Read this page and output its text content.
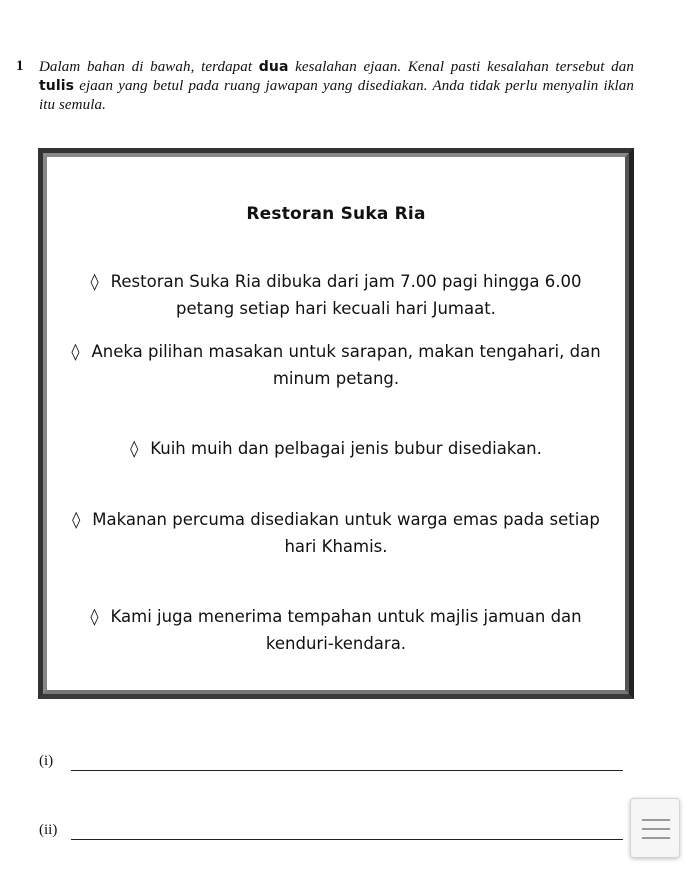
1 Dalam bahan di bawah, terdapat dua kesalahan ejaan. Kenal pasti kesalahan tersebut dan tulis ejaan yang betul pada ruang jawapan yang disediakan. Anda tidak perlu menyalin iklan itu semula.
Restoran Suka Ria
◊ Restoran Suka Ria dibuka dari jam 7.00 pagi hingga 6.00
petang setiap hari kecuali hari Jumaat.
◊ Aneka pilihan masakan untuk sarapan, makan tengahari, dan
minum petang.
◊ Kuih muih dan pelbagai jenis bubur disediakan.
◊ Makanan percuma disediakan untuk warga emas pada setiap
hari Khamis.
◊ Kami juga menerima tempahan untuk majlis jamuan dan
kenduri-kendara.
(i)
(ii)
